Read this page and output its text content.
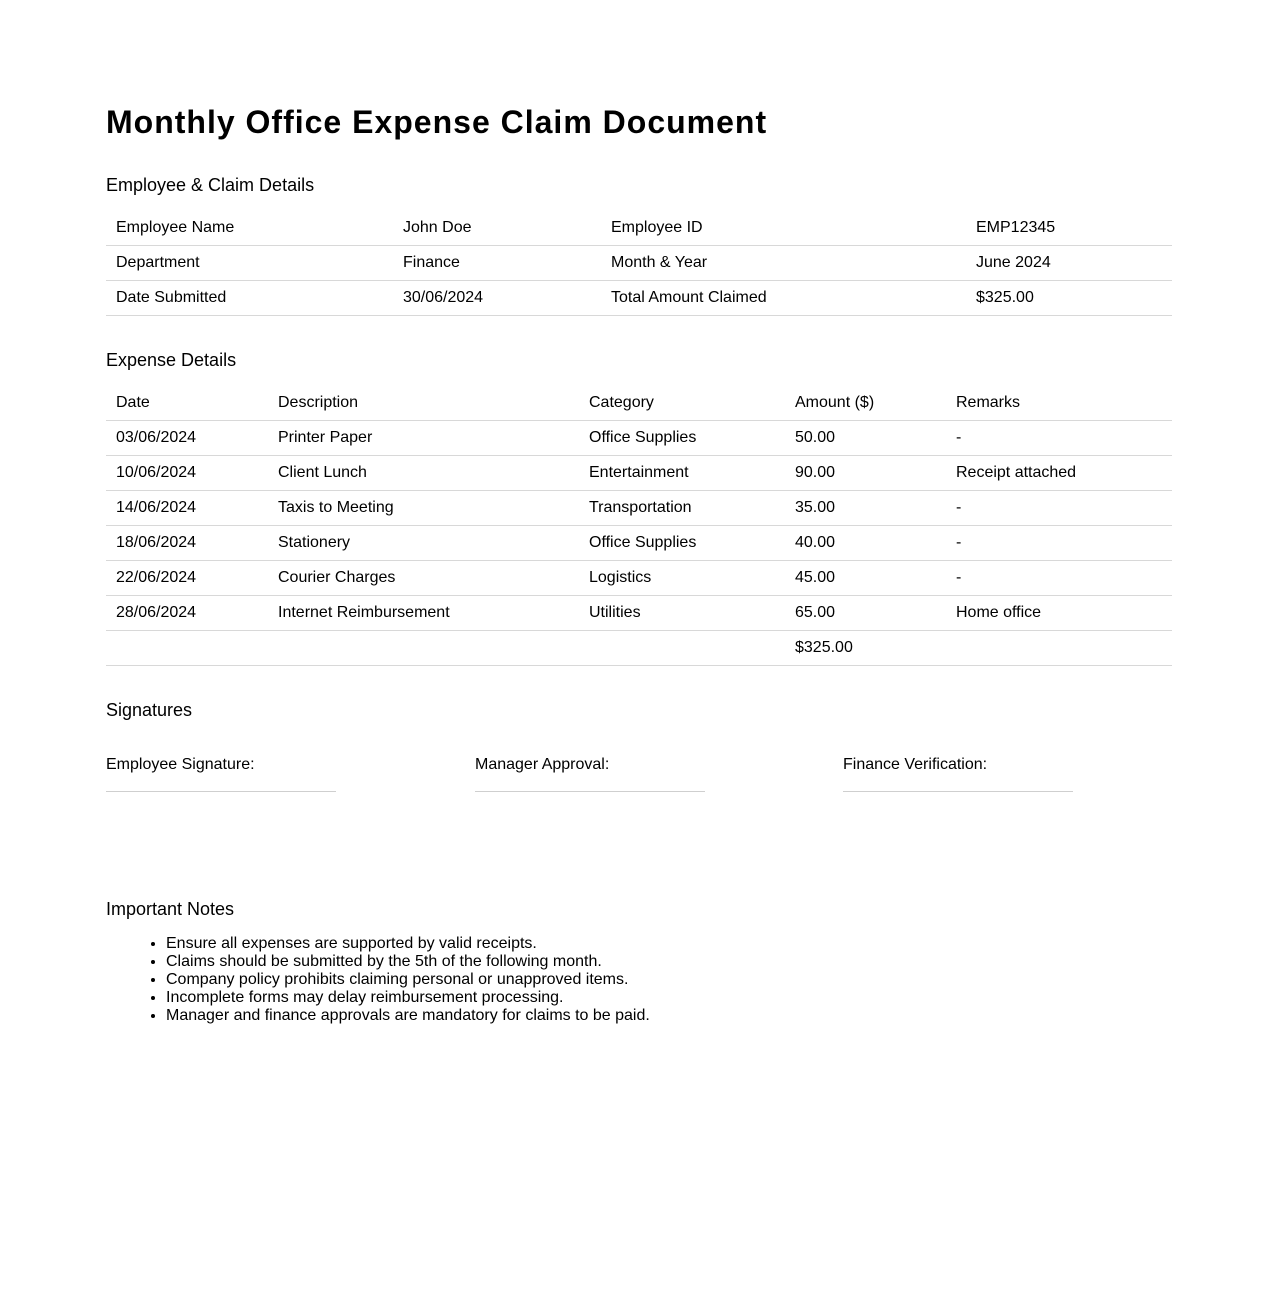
Monthly Office Expense Claim Document
Employee & Claim Details
Employee Name	John Doe	Employee ID	EMP12345
Department	Finance	Month & Year	June 2024
Date Submitted	30/06/2024	Total Amount Claimed	$325.00
Expense Details
Date	Description	Category	Amount ($)	Remarks
03/06/2024	Printer Paper	Office Supplies	50.00	-
10/06/2024	Client Lunch	Entertainment	90.00	Receipt attached
14/06/2024	Taxis to Meeting	Transportation	35.00	-
18/06/2024	Stationery	Office Supplies	40.00	-
22/06/2024	Courier Charges	Logistics	45.00	-
28/06/2024	Internet Reimbursement	Utilities	65.00	Home office
			$325.00	
Signatures
Employee Signature:	Manager Approval:	Finance Verification:
Important Notes
• Ensure all expenses are supported by valid receipts.
• Claims should be submitted by the 5th of the following month.
• Company policy prohibits claiming personal or unapproved items.
• Incomplete forms may delay reimbursement processing.
• Manager and finance approvals are mandatory for claims to be paid.
